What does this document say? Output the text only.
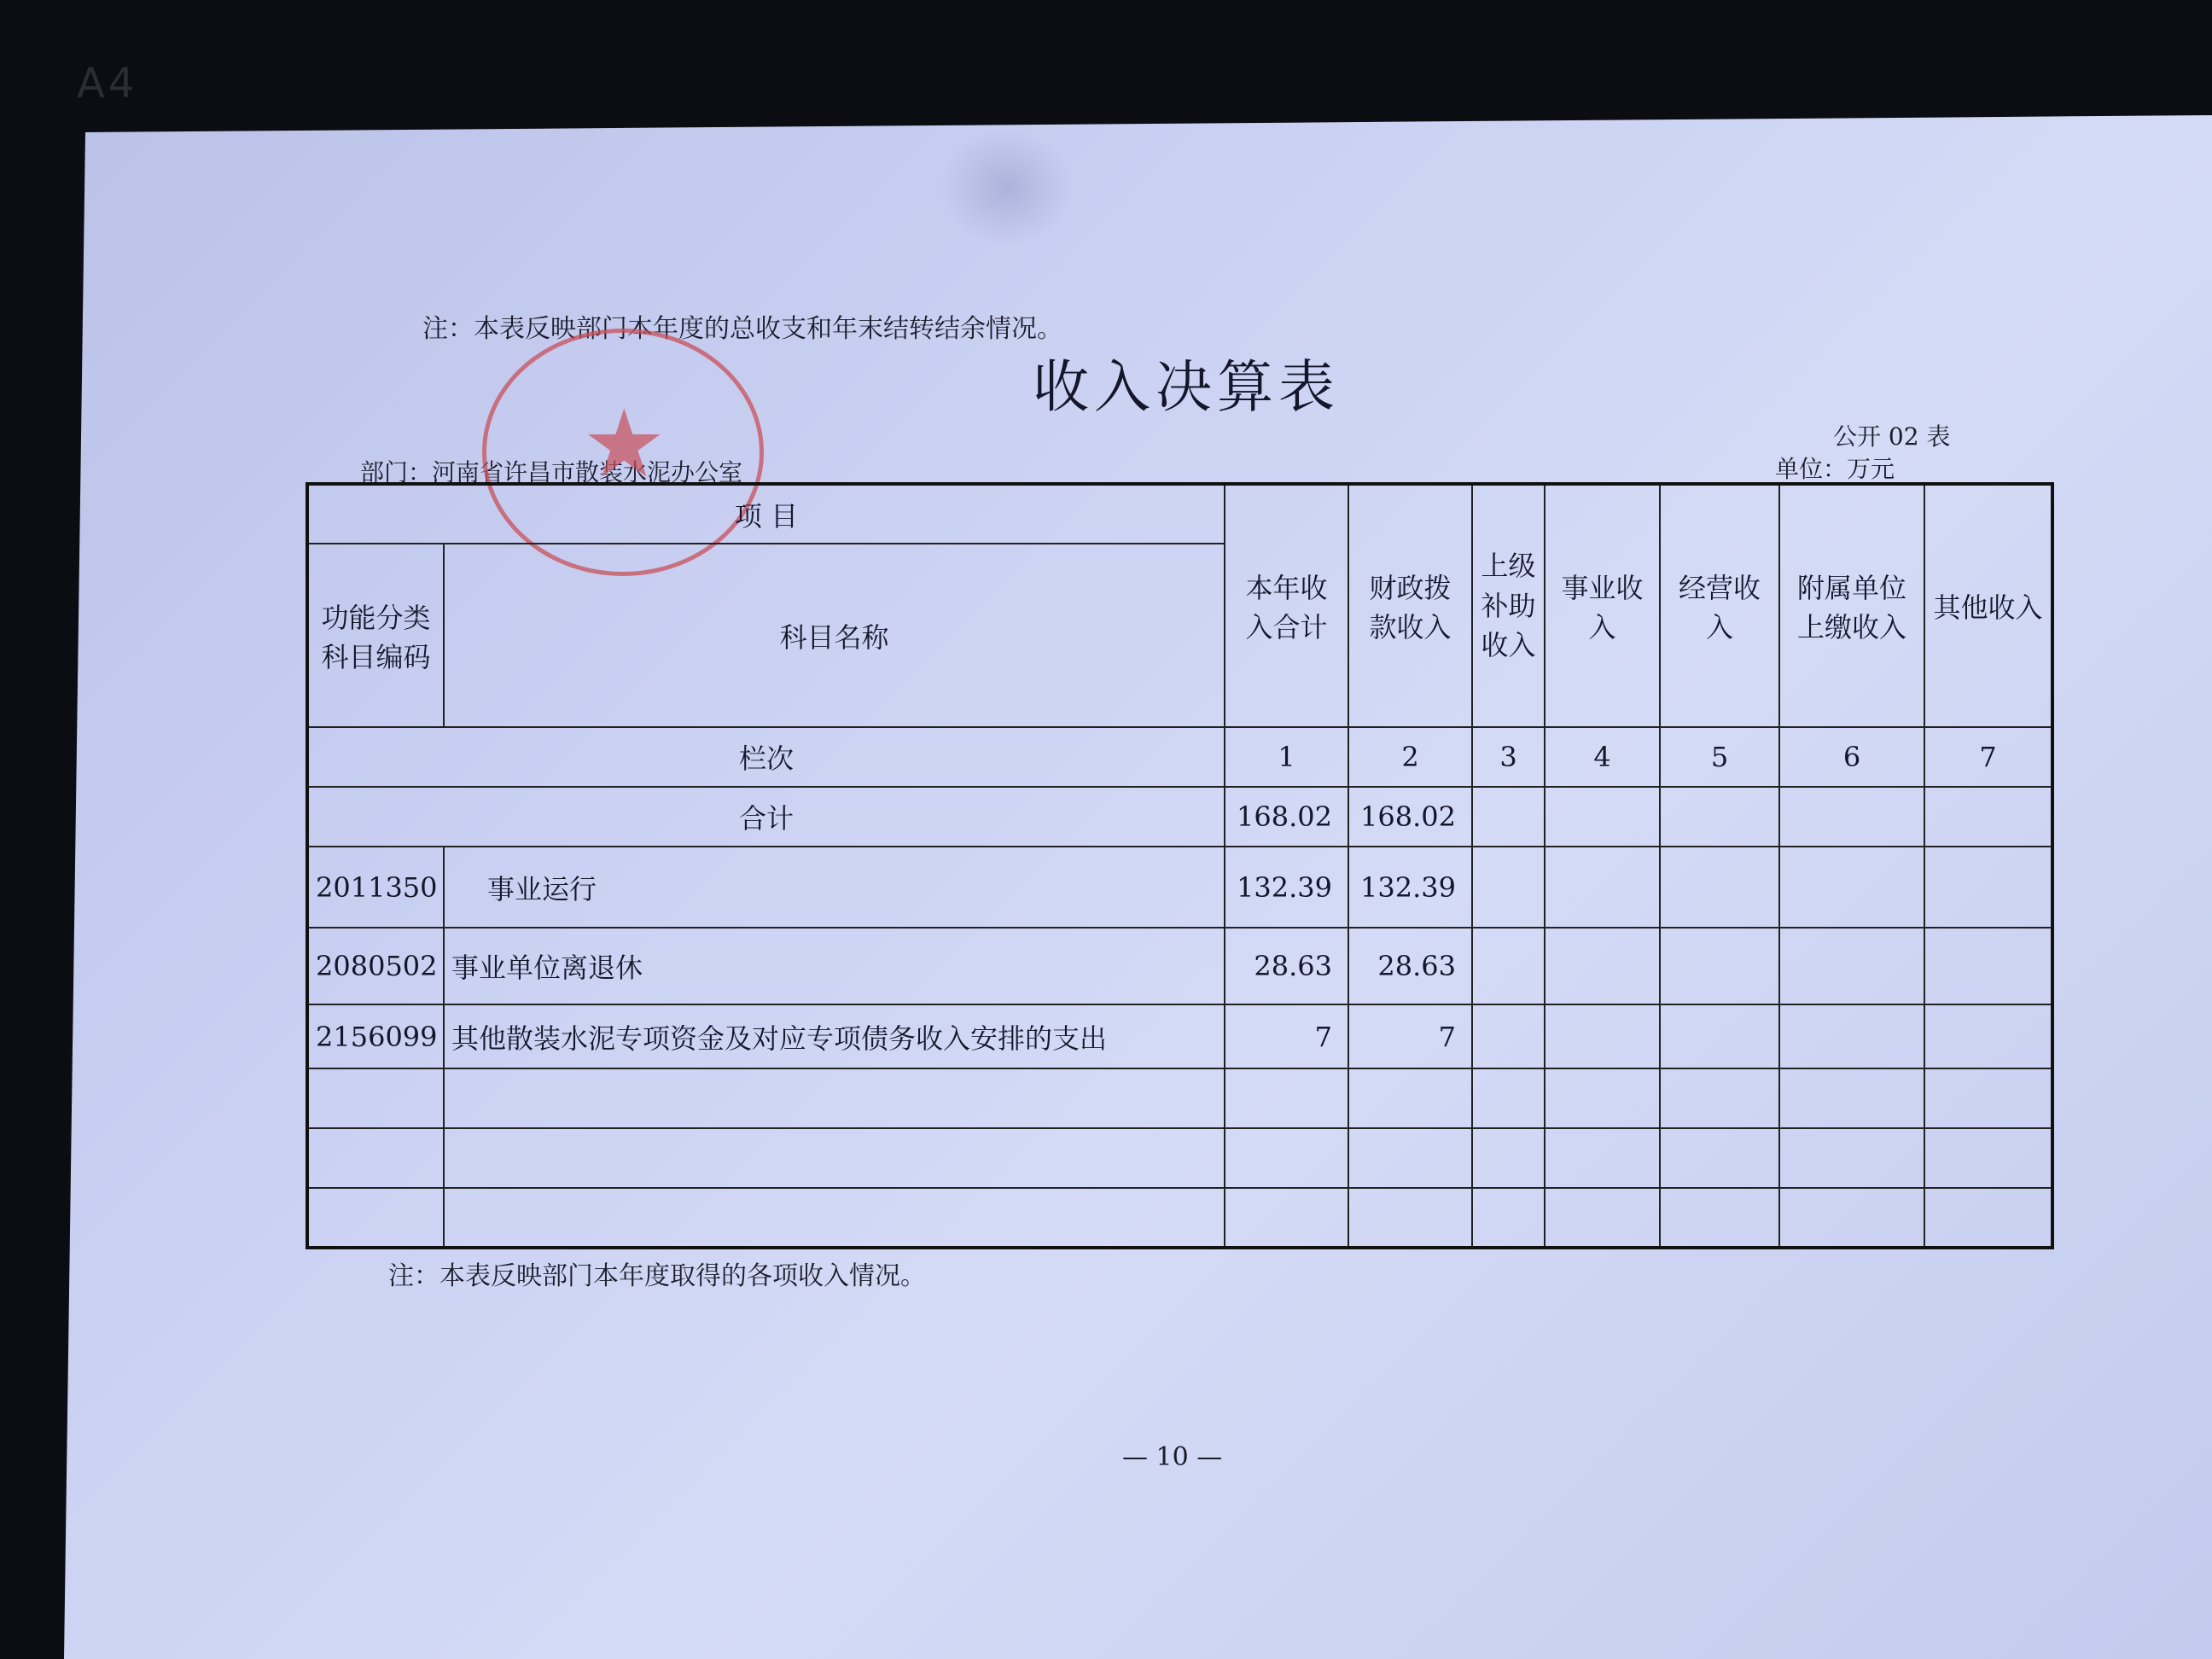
A4
注：本表反映部门本年度的总收支和年末结转结余情况。
收入决算表
公开 02 表
单位：万元
部门：河南省许昌市散装水泥办公室
★
项 目		本年收入合计	财政拨款收入	上级补助收入	事业收入	经营收入	附属单位上缴收入	其他收入
功能分类科目编码	科目名称							
栏次		1	2	3	4	5	6	7
合计		168.02	168.02					
2011350	事业运行	132.39	132.39					
2080502	事业单位离退休	28.63	28.63					
2156099	其他散装水泥专项资金及对应专项债务收入安排的支出	7	7					

注：本表反映部门本年度取得的各项收入情况。
— 10 —
